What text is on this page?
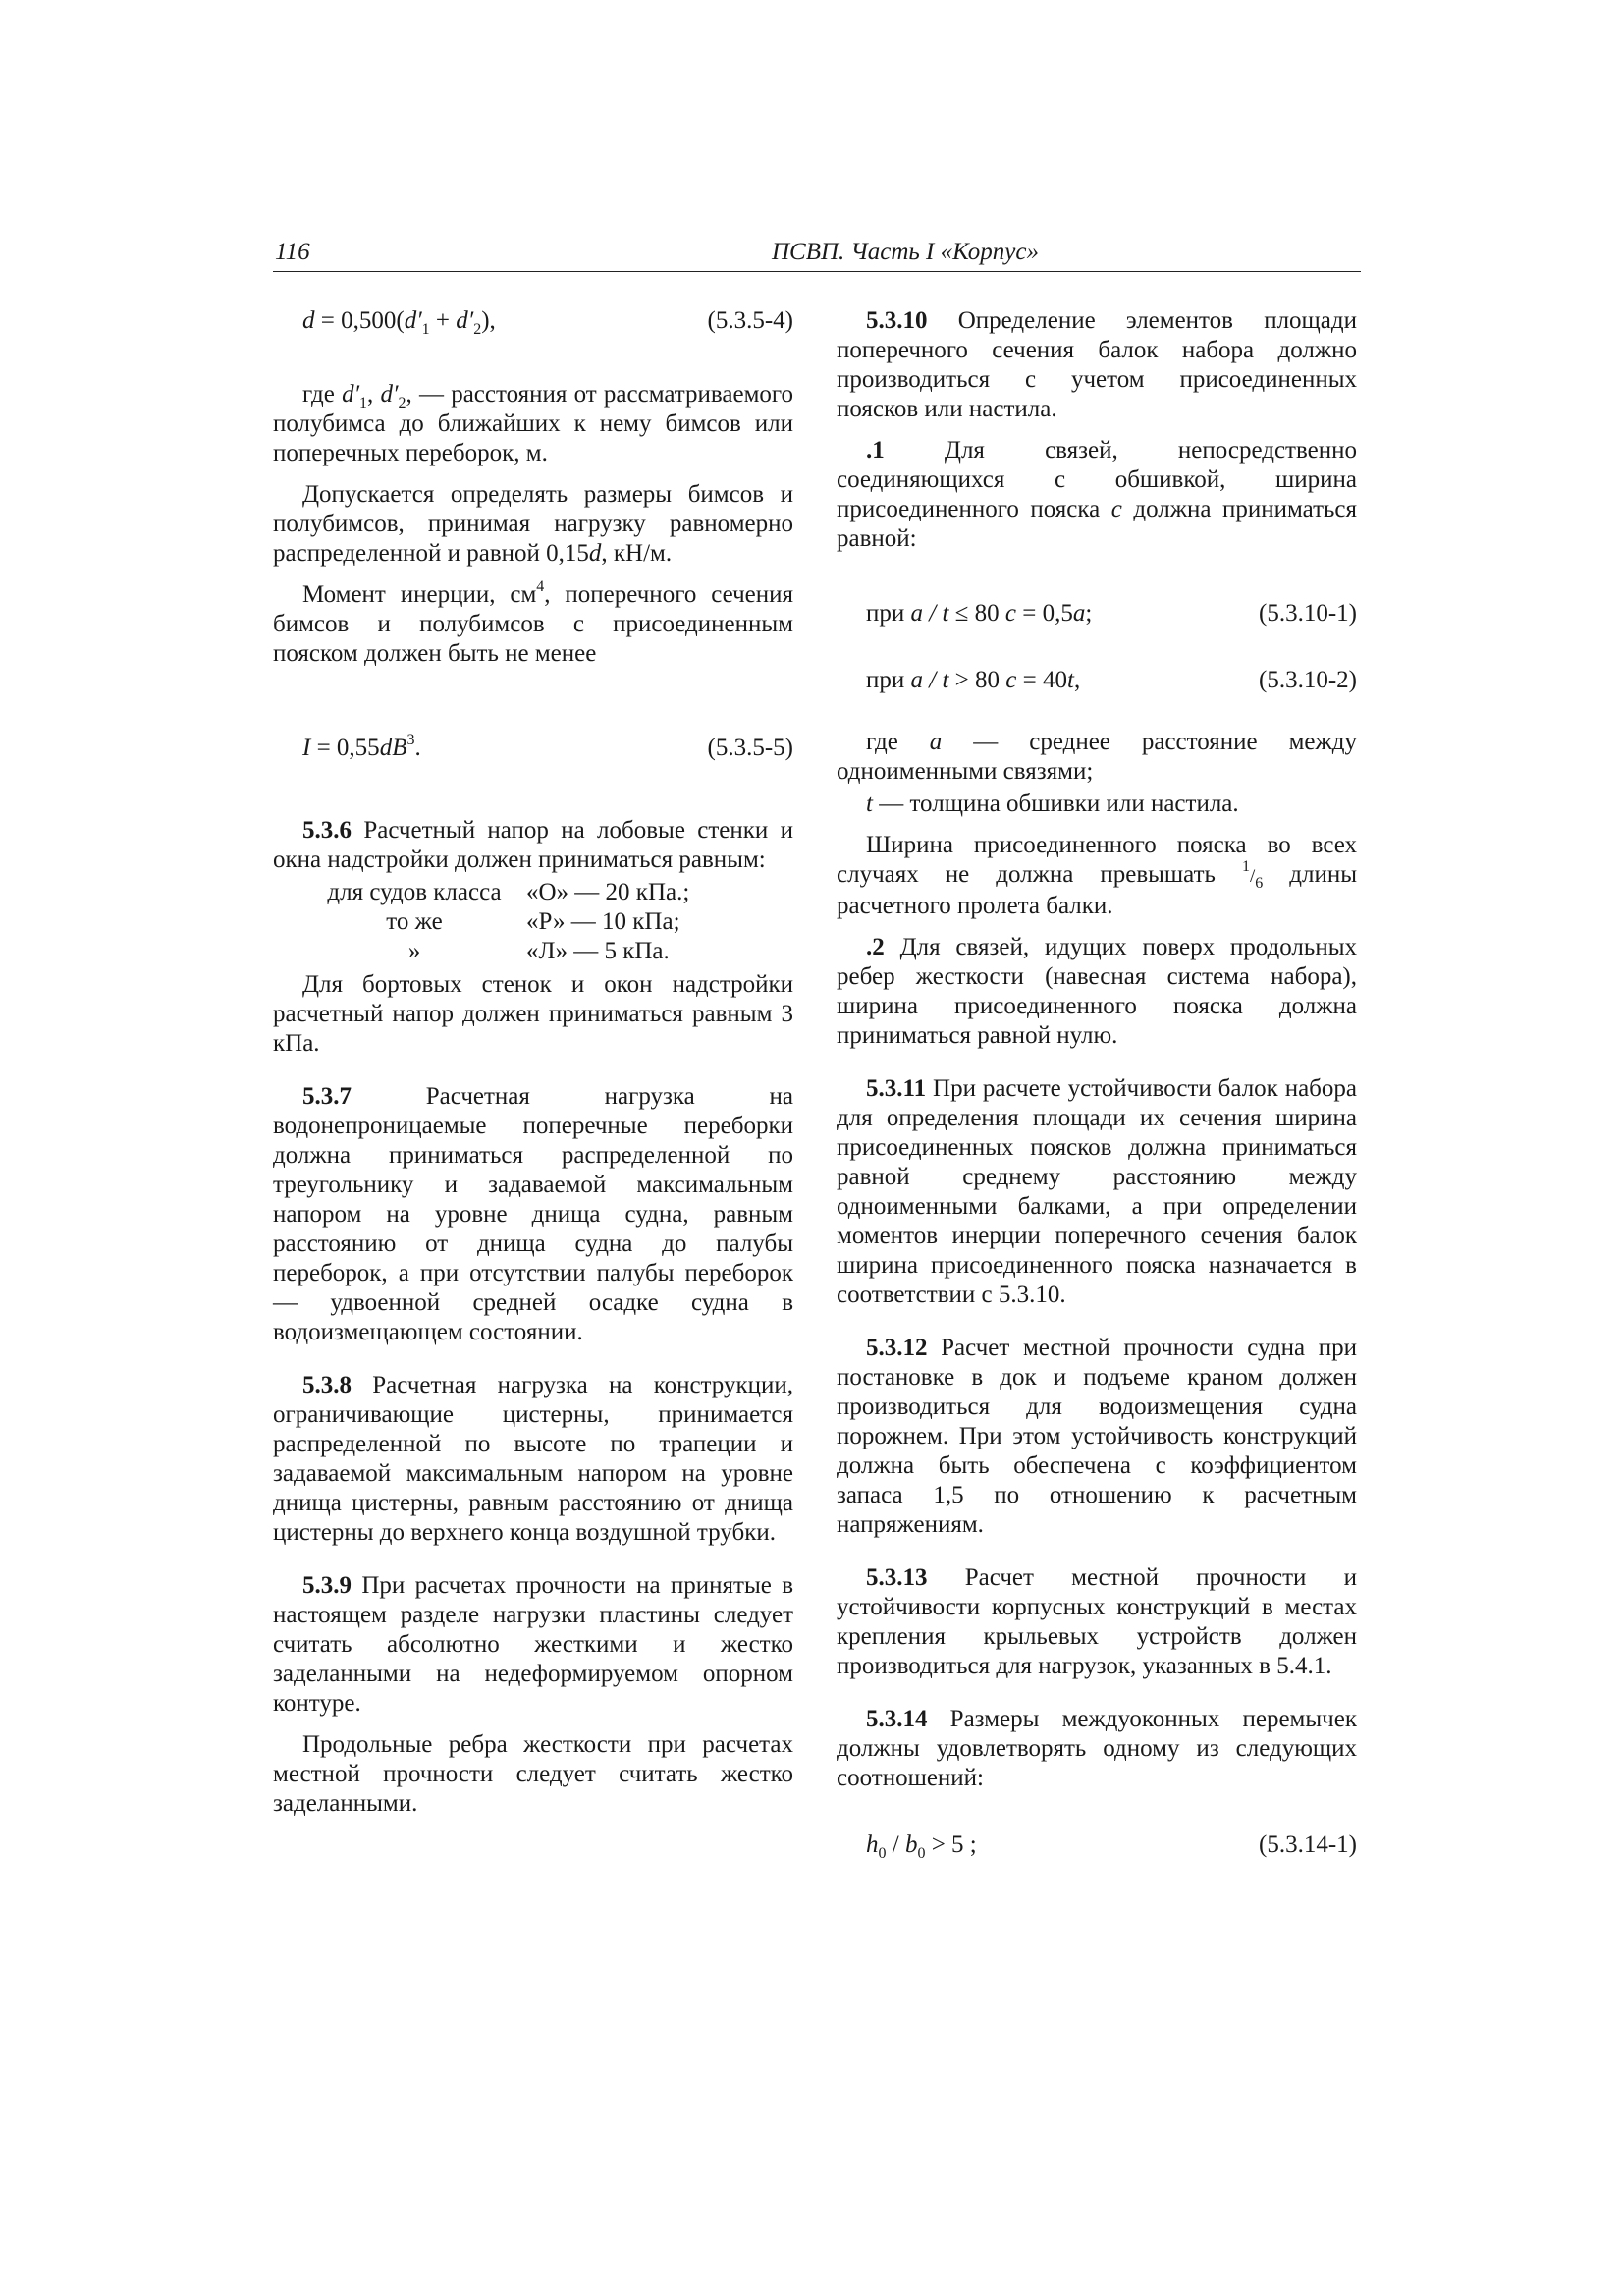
116	ПСВП. Часть I «Корпус»
$d = 0,500(d'_1 + d'_2)$,	(5.3.5-4)

где $d'_1$, $d'_2$, — расстояния от рассматриваемого полубимса до ближайших к нему бимсов или поперечных переборок, м.

Допускается определять размеры бимсов и полубимсов, принимая нагрузку равномерно распределенной и равной 0,15d, кН/м.

Момент инерции, $см^4$, поперечного сечения бимсов и полубимсов с присоединенным пояском должен быть не менее

$I = 0,55dB^3$.	(5.3.5-5)

5.3.6 Расчетный напор на лобовые стенки и окна надстройки должен приниматься равным:

для судов класса	«О» — 20 кПа.;
то же	«Р» — 10 кПа;
»	«Л» — 5 кПа.

Для бортовых стенок и окон надстройки расчетный напор должен приниматься равным 3 кПа.

5.3.7 Расчетная нагрузка на водонепроницаемые поперечные переборки должна приниматься распределенной по треугольнику и задаваемой максимальным напором на уровне днища судна, равным расстоянию от днища судна до палубы переборок, а при отсутствии палубы переборок — удвоенной средней осадке судна в водоизмещающем состоянии.

5.3.8 Расчетная нагрузка на конструкции, ограничивающие цистерны, принимается распределенной по высоте по трапеции и задаваемой максимальным напором на уровне днища цистерны, равным расстоянию от днища цистерны до верхнего конца воздушной трубки.

5.3.9 При расчетах прочности на принятые в настоящем разделе нагрузки пластины следует считать абсолютно жесткими и жестко заделанными на недеформируемом опорном контуре.

Продольные ребра жесткости при расчетах местной прочности следует считать жестко заделанными.

5.3.10 Определение элементов площади поперечного сечения балок набора должно производиться с учетом присоединенных поясков или настила.

.1 Для связей, непосредственно соединяющихся с обшивкой, ширина присоединенного пояска c должна приниматься равной:

при a / t ≤ 80 c = 0,5a;	(5.3.10-1)
при a / t > 80 c = 40t,	(5.3.10-2)

где a — среднее расстояние между одноименными связями;

t — толщина обшивки или настила.

Ширина присоединенного пояска во всех случаях не должна превышать $^1/_6$ длины расчетного пролета балки.

.2 Для связей, идущих поверх продольных ребер жесткости (навесная система набора), ширина присоединенного пояска должна приниматься равной нулю.

5.3.11 При расчете устойчивости балок набора для определения площади их сечения ширина присоединенных поясков должна приниматься равной среднему расстоянию между одноименными балками, а при определении моментов инерции поперечного сечения балок ширина присоединенного пояска назначается в соответствии с 5.3.10.

5.3.12 Расчет местной прочности судна при постановке в док и подъеме краном должен производиться для водоизмещения судна порожнем. При этом устойчивость конструкций должна быть обеспечена с коэффициентом запаса 1,5 по отношению к расчетным напряжениям.

5.3.13 Расчет местной прочности и устойчивости корпусных конструкций в местах крепления крыльевых устройств должен производиться для нагрузок, указанных в 5.4.1.

5.3.14 Размеры междуоконных перемычек должны удовлетворять одному из следующих соотношений:

$h_0 / b_0 > 5$ ;	(5.3.14-1)
